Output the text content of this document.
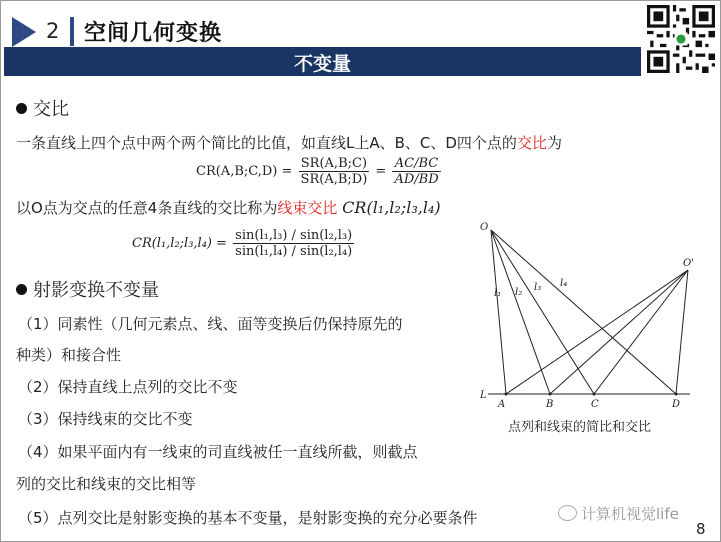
2 空间几何变换
不变量
交比
一条直线上四个点中两个两个简比的比值，如直线L上A、B、C、D四个点的交比为
CR(A,B;C,D) = $\frac{SR(A,B;C)}{SR(A,B;D)} = \frac{AC/BC}{AD/BD}$
以O点为交点的任意4条直线的交比称为线束交比 CR(l₁,l₂;l₃,l₄)
CR(l₁,l₂;l₃,l₄) = $\frac{\text{sin(l₁,l₃) / sin(l₂,l₃)}}{\text{sin(l₁,l₄) / sin(l₂,l₄)}}$
射影变换不变量
（1）同素性（几何元素点、线、面等变换后仍保持原先的
种类）和接合性
（2）保持直线上点列的交比不变
（3）保持线束的交比不变
（4）如果平面内有一线束的司直线被任一直线所截，则截点
列的交比和线束的交比相等
（5）点列交比是射影变换的基本不变量，是射影变换的充分必要条件
O
O'
L
A	B	C	D
l₁ l₂ l₃ l₄
点列和线束的简比和交比
计算机视觉life
8
